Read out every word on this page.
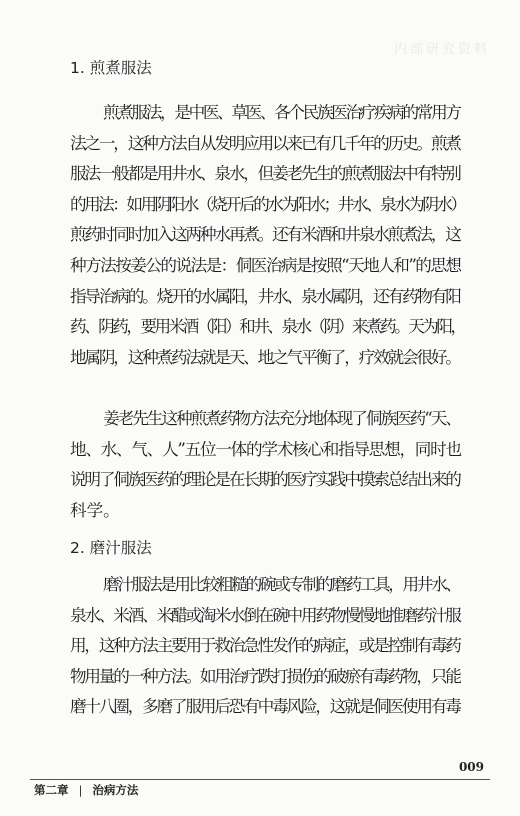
内部研究资料
1. 煎煮服法
煎煮服法，是中医、草医、各个民族医治疗疾病的常用方
法之一，这种方法自从发明应用以来已有几千年的历史。煎煮
服法一般都是用井水、泉水，但姜老先生的煎煮服法中有特别
的用法：如用阴阳水（烧开后的水为阳水；井水、泉水为阴水）
煎药时同时加入这两种水再煮。还有米酒和井泉水煎煮法，这
种方法按姜公的说法是：侗医治病是按照“天地人和”的思想
指导治病的。烧开的水属阳，井水、泉水属阴，还有药物有阳
药、阴药，要用米酒（阳）和井、泉水（阴）来煮药。天为阳，
地属阴，这种煮药法就是天、地之气平衡了，疗效就会很好。
姜老先生这种煎煮药物方法充分地体现了侗族医药“天、
地、水、气、人”五位一体的学术核心和指导思想，同时也
说明了侗族医药的理论是在长期的医疗实践中摸索总结出来的
科学。
2. 磨汁服法
磨汁服法是用比较粗糙的碗或专制的磨药工具，用井水、
泉水、米酒、米醋或淘米水倒在碗中用药物慢慢地推磨药汁服
用，这种方法主要用于救治急性发作的病症，或是控制有毒药
物用量的一种方法。如用治疗跌打损伤的破瘀有毒药物，只能
磨十八圈，多磨了服用后恐有中毒风险，这就是侗医使用有毒
009
第二章 | 治病方法
